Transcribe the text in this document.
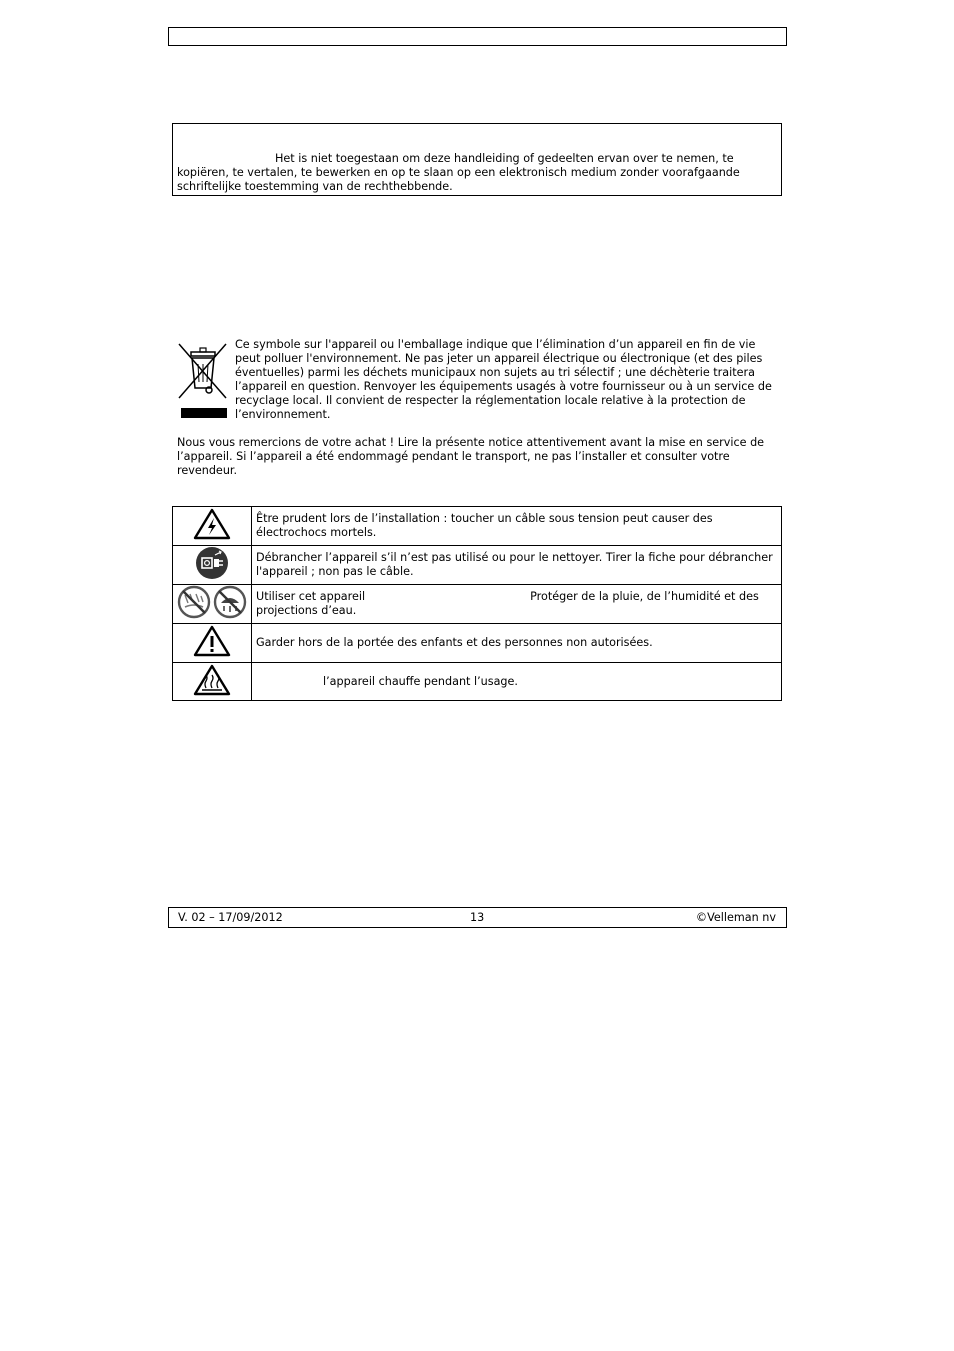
Het is niet toegestaan om deze handleiding of gedeelten ervan over te nemen, te
kopiëren, te vertalen, te bewerken en op te slaan op een elektronisch medium zonder voorafgaande
schriftelijke toestemming van de rechthebbende.
Ce symbole sur l'appareil ou l'emballage indique que l’élimination d’un appareil en fin de vie peut polluer l'environnement. Ne pas jeter un appareil électrique ou électronique (et des piles éventuelles) parmi les déchets municipaux non sujets au tri sélectif ; une déchèterie traitera l’appareil en question. Renvoyer les équipements usagés à votre fournisseur ou à un service de recyclage local. Il convient de respecter la réglementation locale relative à la protection de l’environnement.
Nous vous remercions de votre achat ! Lire la présente notice attentivement avant la mise en service de l’appareil. Si l’appareil a été endommagé pendant le transport, ne pas l’installer et consulter votre revendeur.
	Être prudent lors de l’installation : toucher un câble sous tension peut causer des électrochocs mortels.
	Débrancher l’appareil s’il n’est pas utilisé ou pour le nettoyer. Tirer la fiche pour débrancher l'appareil ; non pas le câble.
	Utiliser cet appareil Protéger de la pluie, de l’humidité et des projections d’eau.
	Garder hors de la portée des enfants et des personnes non autorisées.
	l’appareil chauffe pendant l’usage.
V. 02 – 17/09/2012	13	©Velleman nv
